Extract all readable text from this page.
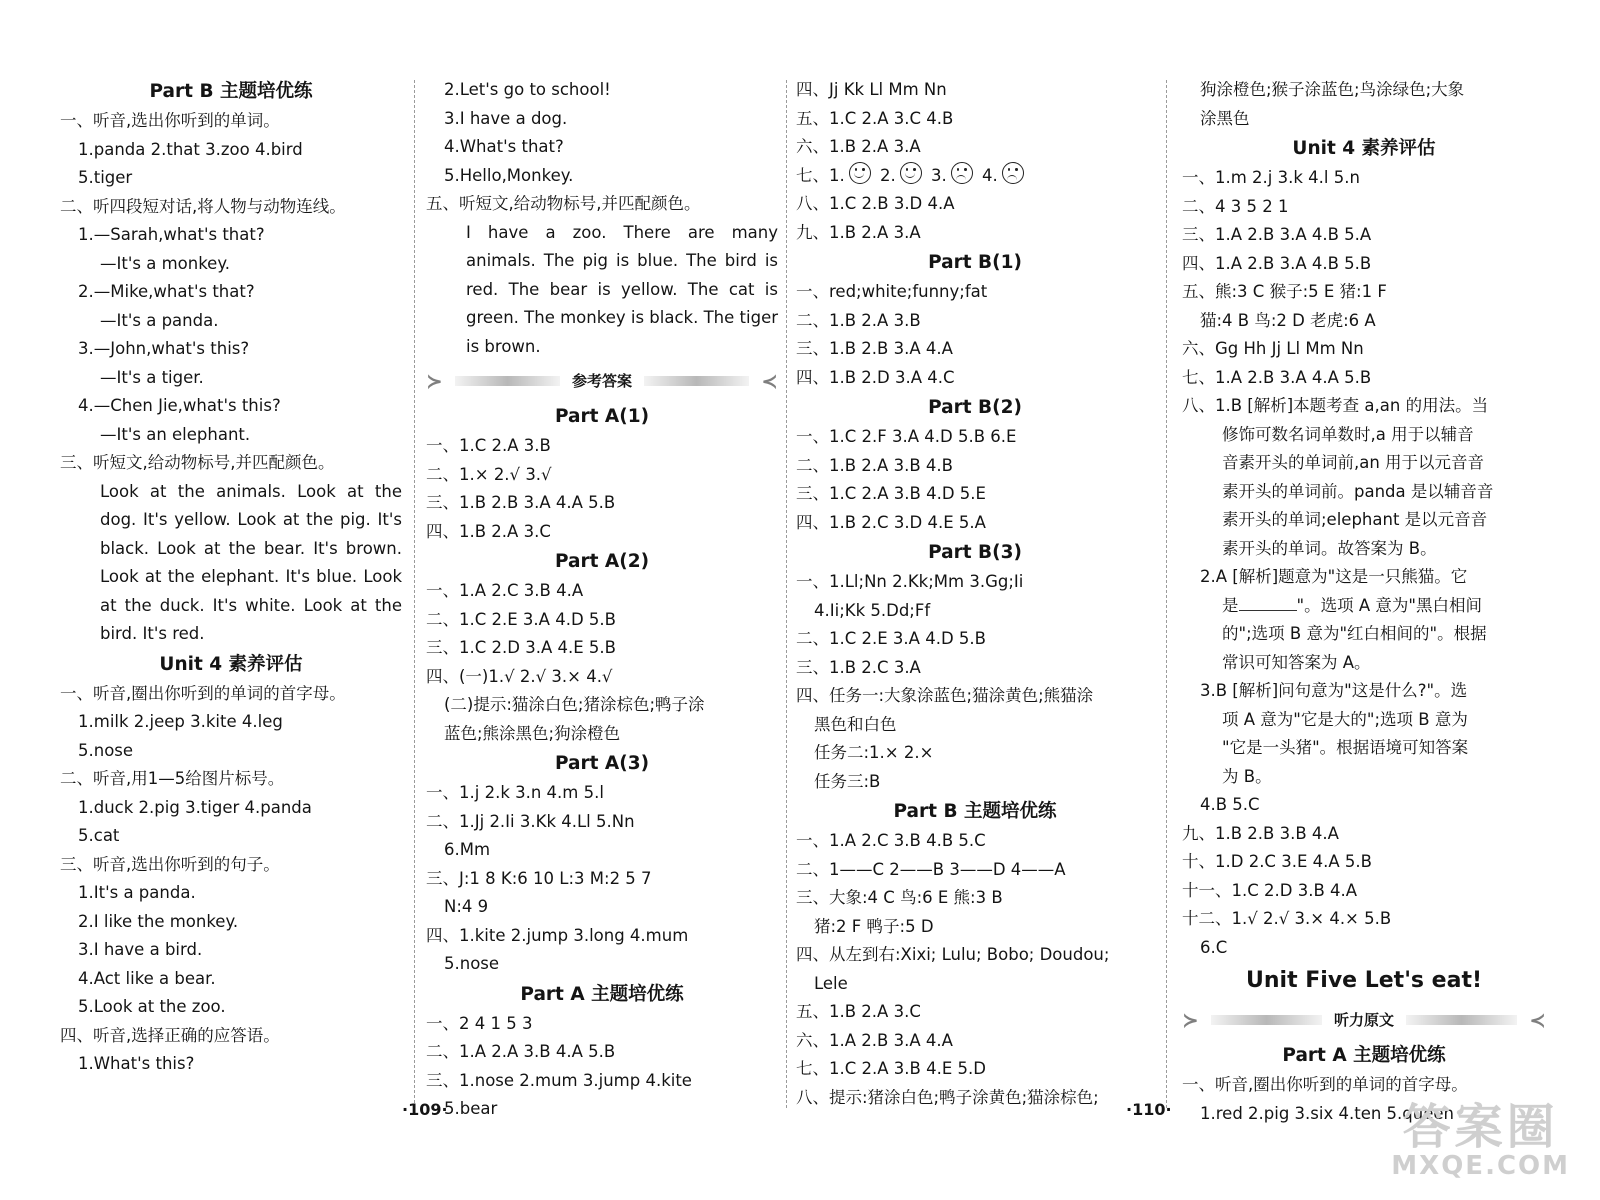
Part B 主题培优练
一、听音,选出你听到的单词。
1.panda 2.that 3.zoo 4.bird
5.tiger
二、听四段短对话,将人物与动物连线。
1.—Sarah,what's that?
—It's a monkey.
2.—Mike,what's that?
—It's a panda.
3.—John,what's this?
—It's a tiger.
4.—Chen Jie,what's this?
—It's an elephant.
三、听短文,给动物标号,并匹配颜色。
Look at the animals. Look at the dog. It's yellow. Look at the pig. It's black. Look at the bear. It's brown. Look at the elephant. It's blue. Look at the duck. It's white. Look at the bird. It's red.
Unit 4 素养评估
一、听音,圈出你听到的单词的首字母。
1.milk 2.jeep 3.kite 4.leg
5.nose
二、听音,用1—5给图片标号。
1.duck 2.pig 3.tiger 4.panda
5.cat
三、听音,选出你听到的句子。
1.It's a panda.
2.I like the monkey.
3.I have a bird.
4.Act like a bear.
5.Look at the zoo.
四、听音,选择正确的应答语。
1.What's this?
2.Let's go to school!
3.I have a dog.
4.What's that?
5.Hello,Monkey.
五、听短文,给动物标号,并匹配颜色。
I have a zoo. There are many animals. The pig is blue. The bird is red. The bear is yellow. The cat is green. The monkey is black. The tiger is brown.
≻	参考答案	≺
Part A(1)
一、1.C 2.A 3.B
二、1.× 2.√ 3.√
三、1.B 2.B 3.A 4.A 5.B
四、1.B 2.A 3.C
Part A(2)
一、1.A 2.C 3.B 4.A
二、1.C 2.E 3.A 4.D 5.B
三、1.C 2.D 3.A 4.E 5.B
四、(一)1.√ 2.√ 3.× 4.√
(二)提示:猫涂白色;猪涂棕色;鸭子涂
蓝色;熊涂黑色;狗涂橙色
Part A(3)
一、1.j 2.k 3.n 4.m 5.l
二、1.Jj 2.Ii 3.Kk 4.Ll 5.Nn
6.Mm
三、J:1 8 K:6 10 L:3 M:2 5 7
N:4 9
四、1.kite 2.jump 3.long 4.mum
5.nose
Part A 主题培优练
一、2 4 1 5 3
二、1.A 2.A 3.B 4.A 5.B
三、1.nose 2.mum 3.jump 4.kite
5.bear
四、Jj Kk Ll Mm Nn
五、1.C 2.A 3.C 4.B
六、1.B 2.A 3.A
七、1.
2.
3.
4.
八、1.C 2.B 3.D 4.A
九、1.B 2.A 3.A
Part B(1)
一、red;white;funny;fat
二、1.B 2.A 3.B
三、1.B 2.B 3.A 4.A
四、1.B 2.D 3.A 4.C
Part B(2)
一、1.C 2.F 3.A 4.D 5.B 6.E
二、1.B 2.A 3.B 4.B
三、1.C 2.A 3.B 4.D 5.E
四、1.B 2.C 3.D 4.E 5.A
Part B(3)
一、1.Ll;Nn 2.Kk;Mm 3.Gg;Ii
4.Ii;Kk 5.Dd;Ff
二、1.C 2.E 3.A 4.D 5.B
三、1.B 2.C 3.A
四、任务一:大象涂蓝色;猫涂黄色;熊猫涂
黑色和白色
任务二:1.× 2.×
任务三:B
Part B 主题培优练
一、1.A 2.C 3.B 4.B 5.C
二、1——C 2——B 3——D 4——A
三、大象:4 C 鸟:6 E 熊:3 B
猪:2 F 鸭子:5 D
四、从左到右:Xixi; Lulu; Bobo; Doudou;
Lele
五、1.B 2.A 3.C
六、1.A 2.B 3.A 4.A
七、1.C 2.A 3.B 4.E 5.D
八、提示:猪涂白色;鸭子涂黄色;猫涂棕色;
狗涂橙色;猴子涂蓝色;鸟涂绿色;大象
涂黑色
Unit 4 素养评估
一、1.m 2.j 3.k 4.l 5.n
二、4 3 5 2 1
三、1.A 2.B 3.A 4.B 5.A
四、1.A 2.B 3.A 4.B 5.B
五、熊:3 C 猴子:5 E 猪:1 F
猫:4 B 鸟:2 D 老虎:6 A
六、Gg Hh Jj Ll Mm Nn
七、1.A 2.B 3.A 4.A 5.B
八、1.B [解析]本题考查 a,an 的用法。当
修饰可数名词单数时,a 用于以辅音
音素开头的单词前,an 用于以元音音
素开头的单词前。panda 是以辅音音
素开头的单词;elephant 是以元音音
素开头的单词。故答案为 B。
2.A [解析]题意为"这是一只熊猫。它
是	"。选项 A 意为"黑白相间
的";选项 B 意为"红白相间的"。根据
常识可知答案为 A。
3.B [解析]问句意为"这是什么?"。选
项 A 意为"它是大的";选项 B 意为
"它是一头猪"。根据语境可知答案
为 B。
4.B 5.C
九、1.B 2.B 3.B 4.A
十、1.D 2.C 3.E 4.A 5.B
十一、1.C 2.D 3.B 4.A
十二、1.√ 2.√ 3.× 4.× 5.B
6.C
Unit Five Let's eat!
≻	听力原文	≺
Part A 主题培优练
一、听音,圈出你听到的单词的首字母。
1.red 2.pig 3.six 4.ten 5.queen
·109·	·110·	答案圈
MXQE.COM
